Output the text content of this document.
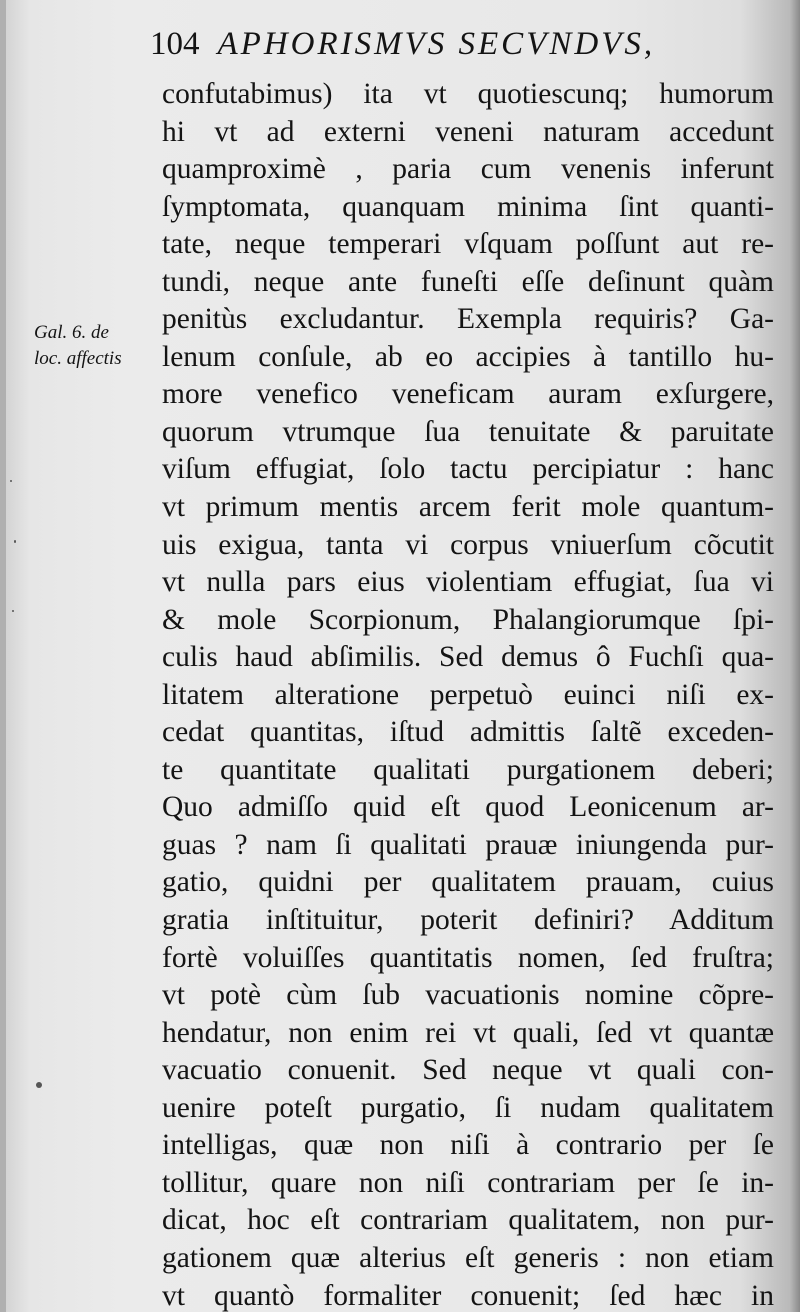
104 APHORISMVS SECVNDVS,
Gal. 6. de
loc. affectis
confutabimus) ita vt quotiescunq; humorum
hi vt ad externi veneni naturam accedunt
quamproximè , paria cum venenis inferunt
ſymptomata, quanquam minima ſint quanti-
tate, neque temperari vſquam poſſunt aut re-
tundi, neque ante funeſti eſſe deſinunt quàm
penitùs excludantur. Exempla requiris? Ga-
lenum conſule, ab eo accipies à tantillo hu-
more venefico veneficam auram exſurgere,
quorum vtrumque ſua tenuitate & paruitate
viſum effugiat, ſolo tactu percipiatur : hanc
vt primum mentis arcem ferit mole quantum-
uis exigua, tanta vi corpus vniuerſum cõcutit
vt nulla pars eius violentiam effugiat, ſua vi
& mole Scorpionum, Phalangiorumque ſpi-
culis haud abſimilis. Sed demus ô Fuchſi qua-
litatem alteratione perpetuò euinci niſi ex-
cedat quantitas, iſtud admittis ſaltẽ exceden-
te quantitate qualitati purgationem deberi;
Quo admiſſo quid eſt quod Leonicenum ar-
guas ? nam ſi qualitati prauæ iniungenda pur-
gatio, quidni per qualitatem prauam, cuius
gratia inſtituitur, poterit definiri? Additum
fortè voluiſſes quantitatis nomen, ſed fruſtra;
vt potè cùm ſub vacuationis nomine cõpre-
hendatur, non enim rei vt quali, ſed vt quantæ
vacuatio conuenit. Sed neque vt quali con-
uenire poteſt purgatio, ſi nudam qualitatem
intelligas, quæ non niſi à contrario per ſe
tollitur, quare non niſi contrariam per ſe in-
dicat, hoc eſt contrariam qualitatem, non pur-
gationem quæ alterius eſt generis : non etiam
vt quantò formaliter conuenit; ſed hæc in
